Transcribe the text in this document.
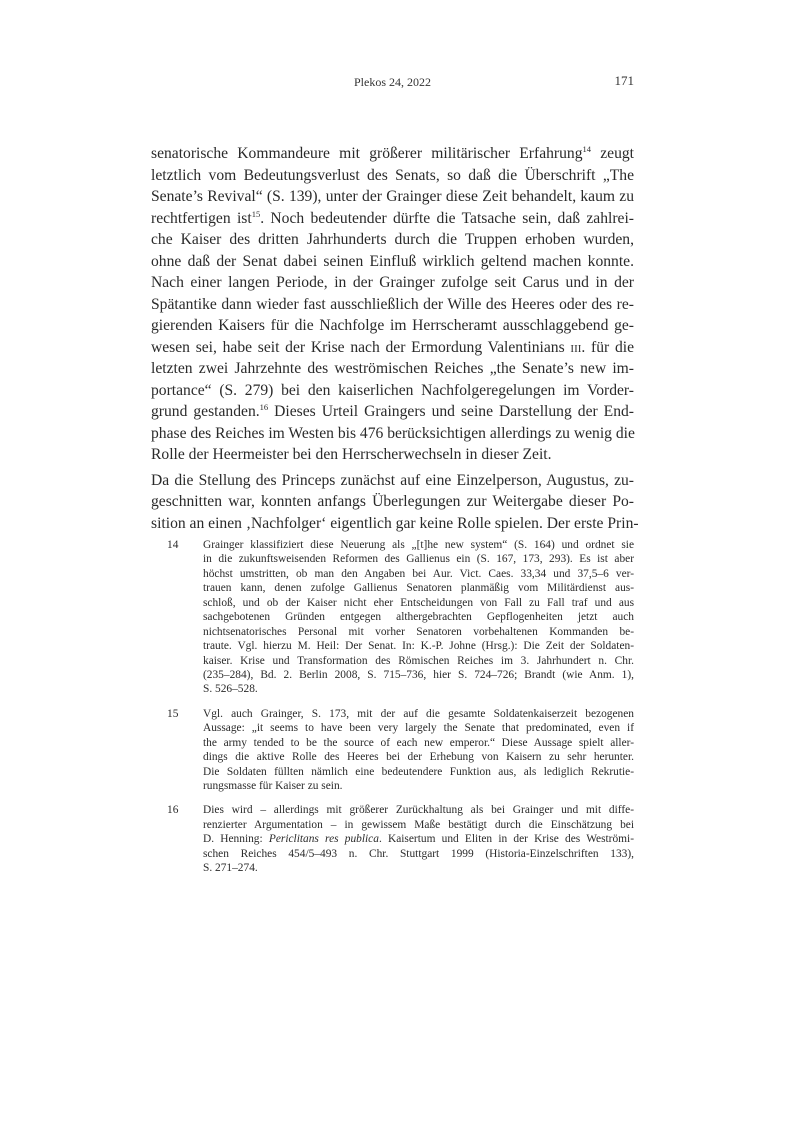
Plekos 24, 2022	171

senatorische Kommandeure mit größerer militärischer Erfahrung$^{14}$ zeugt
letztlich vom Bedeutungsverlust des Senats, so daß die Überschrift „The
Senate’s Revival“ (S. 139), unter der Grainger diese Zeit behandelt, kaum zu
rechtfertigen ist$^{15}$. Noch bedeutender dürfte die Tatsache sein, daß zahlrei-
che Kaiser des dritten Jahrhunderts durch die Truppen erhoben wurden,
ohne daß der Senat dabei seinen Einfluß wirklich geltend machen konnte.
Nach einer langen Periode, in der Grainger zufolge seit Carus und in der
Spätantike dann wieder fast ausschließlich der Wille des Heeres oder des re-
gierenden Kaisers für die Nachfolge im Herrscheramt ausschlaggebend ge-
wesen sei, habe seit der Krise nach der Ermordung Valentinians iii. für die
letzten zwei Jahrzehnte des weströmischen Reiches „the Senate’s new im-
portance“ (S. 279) bei den kaiserlichen Nachfolgeregelungen im Vorder-
grund gestanden.$^{16}$ Dieses Urteil Graingers und seine Darstellung der End-
phase des Reiches im Westen bis 476 berücksichtigen allerdings zu wenig die
Rolle der Heermeister bei den Herrscherwechseln in dieser Zeit.

Da die Stellung des Princeps zunächst auf eine Einzelperson, Augustus, zu-
geschnitten war, konnten anfangs Überlegungen zur Weitergabe dieser Po-
sition an einen ‚Nachfolger‘ eigentlich gar keine Rolle spielen. Der erste Prin-

14 Grainger klassifiziert diese Neuerung als „[t]he new system“ (S. 164) und ordnet sie
in die zukunftsweisenden Reformen des Gallienus ein (S. 167, 173, 293). Es ist aber
höchst umstritten, ob man den Angaben bei Aur. Vict. Caes. 33,34 und 37,5–6 ver-
trauen kann, denen zufolge Gallienus Senatoren planmäßig vom Militärdienst aus-
schloß, und ob der Kaiser nicht eher Entscheidungen von Fall zu Fall traf und aus
sachgebotenen Gründen entgegen althergebrachten Gepflogenheiten jetzt auch
nichtsenatorisches Personal mit vorher Senatoren vorbehaltenen Kommanden be-
traute. Vgl. hierzu M. Heil: Der Senat. In: K.-P. Johne (Hrsg.): Die Zeit der Soldaten-
kaiser. Krise und Transformation des Römischen Reiches im 3. Jahrhundert n. Chr.
(235–284), Bd. 2. Berlin 2008, S. 715–736, hier S. 724–726; Brandt (wie Anm. 1),
S. 526–528.
15 Vgl. auch Grainger, S. 173, mit der auf die gesamte Soldatenkaiserzeit bezogenen
Aussage: „it seems to have been very largely the Senate that predominated, even if
the army tended to be the source of each new emperor.“ Diese Aussage spielt aller-
dings die aktive Rolle des Heeres bei der Erhebung von Kaisern zu sehr herunter.
Die Soldaten füllten nämlich eine bedeutendere Funktion aus, als lediglich Rekrutie-
rungsmasse für Kaiser zu sein.
16 Dies wird – allerdings mit größerer Zurückhaltung als bei Grainger und mit diffe-
renzierter Argumentation – in gewissem Maße bestätigt durch die Einschätzung bei
D. Henning: Periclitans res publica. Kaisertum und Eliten in der Krise des Weströmi-
schen Reiches 454/5–493 n. Chr. Stuttgart 1999 (Historia-Einzelschriften 133),
S. 271–274.
